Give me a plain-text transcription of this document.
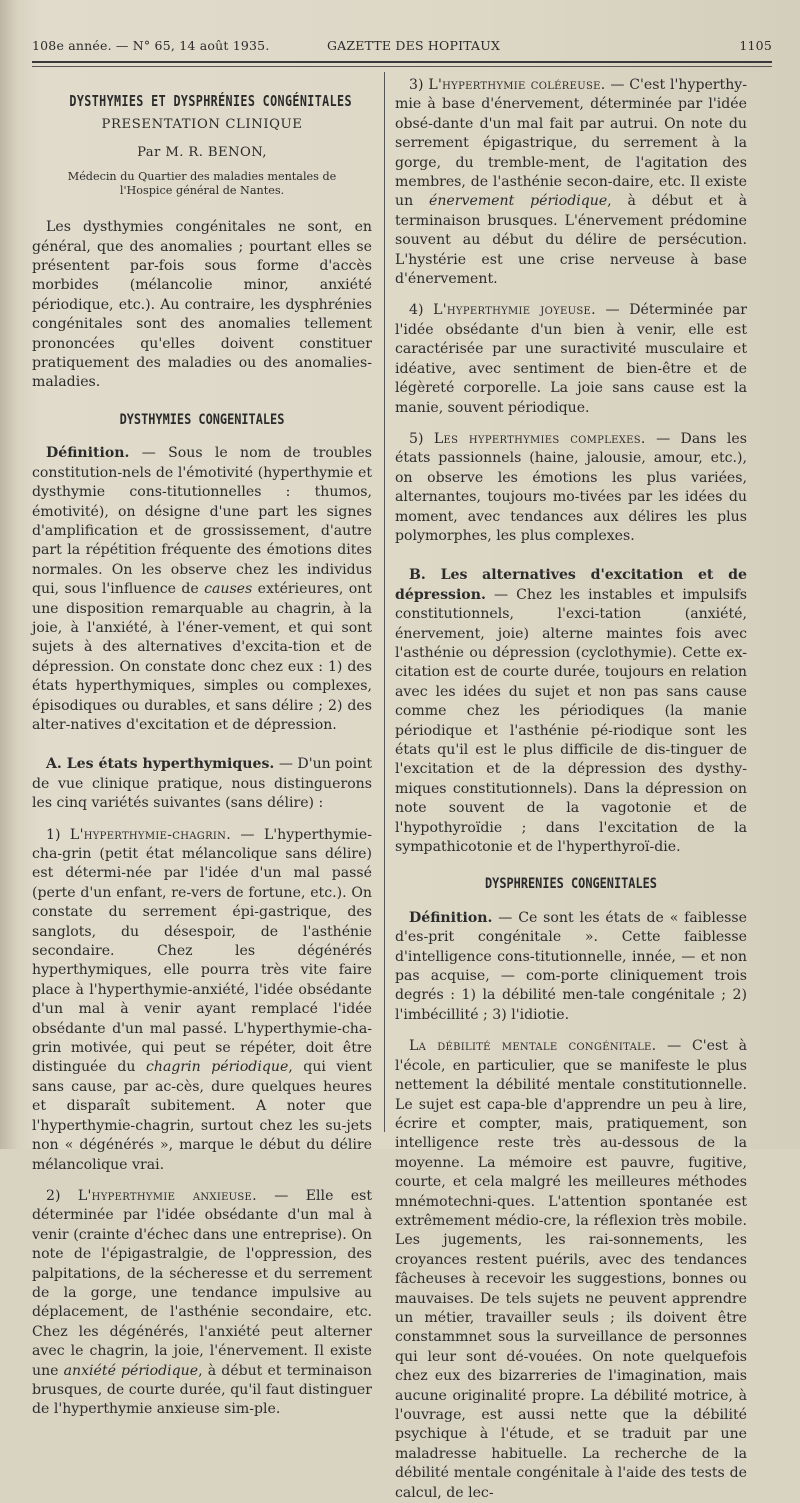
108e année. — N° 65, 14 août 1935.	GAZETTE DES HOPITAUX	1105
DYSTHYMIES ET DYSPHRÉNIES CONGÉNITALES
PRESENTATION CLINIQUE
Par M. R. BENON,
Médecin du Quartier des maladies mentales de l'Hospice général de Nantes.

Les dysthymies congénitales ne sont, en général, que des anomalies ; pourtant elles se présentent par-fois sous forme d'accès morbides (mélancolie minor, anxiété périodique, etc.). Au contraire, les dysphrénies congénitales sont des anomalies tellement prononcées qu'elles doivent constituer pratiquement des maladies ou des anomalies-maladies.

DYSTHYMIES CONGENITALES

Définition. — Sous le nom de troubles constitution-nels de l'émotivité (hyperthymie et dysthymie cons-titutionnelles : thumos, émotivité), on désigne d'une part les signes d'amplification et de grossissement, d'autre part la répétition fréquente des émotions dites normales. On les observe chez les individus qui, sous l'influence de causes extérieures, ont une disposition remarquable au chagrin, à la joie, à l'anxiété, à l'éner-vement, et qui sont sujets à des alternatives d'excita-tion et de dépression. On constate donc chez eux : 1) des états hyperthymiques, simples ou complexes, épisodiques ou durables, et sans délire ; 2) des alter-natives d'excitation et de dépression.

A. Les états hyperthymiques. — D'un point de vue clinique pratique, nous distinguerons les cinq variétés suivantes (sans délire) :

1) L'hyperthymie-chagrin. — L'hyperthymie-cha-grin (petit état mélancolique sans délire) est détermi-née par l'idée d'un mal passé (perte d'un enfant, re-vers de fortune, etc.). On constate du serrement épi-gastrique, des sanglots, du désespoir, de l'asthénie secondaire. Chez les dégénérés hyperthymiques, elle pourra très vite faire place à l'hyperthymie-anxiété, l'idée obsédante d'un mal à venir ayant remplacé l'idée obsédante d'un mal passé. L'hyperthymie-cha-grin motivée, qui peut se répéter, doit être distinguée du chagrin périodique, qui vient sans cause, par ac-cès, dure quelques heures et disparaît subitement. A noter que l'hyperthymie-chagrin, surtout chez les su-jets non « dégénérés », marque le début du délire mélancolique vrai.

2) L'hyperthymie anxieuse. — Elle est déterminée par l'idée obsédante d'un mal à venir (crainte d'échec dans une entreprise). On note de l'épigastralgie, de l'oppression, des palpitations, de la sécheresse et du serrement de la gorge, une tendance impulsive au déplacement, de l'asthénie secondaire, etc. Chez les dégénérés, l'anxiété peut alterner avec le chagrin, la joie, l'énervement. Il existe une anxiété périodique, à début et terminaison brusques, de courte durée, qu'il faut distinguer de l'hyperthymie anxieuse sim-ple.

3) L'hyperthymie coléreuse. — C'est l'hyperthy-mie à base d'énervement, déterminée par l'idée obsé-dante d'un mal fait par autrui. On note du serrement épigastrique, du serrement à la gorge, du tremble-ment, de l'agitation des membres, de l'asthénie secon-daire, etc. Il existe un énervement périodique, à début et à terminaison brusques. L'énervement prédomine souvent au début du délire de persécution. L'hystérie est une crise nerveuse à base d'énervement.

4) L'hyperthymie joyeuse. — Déterminée par l'idée obsédante d'un bien à venir, elle est caractérisée par une suractivité musculaire et idéative, avec sentiment de bien-être et de légèreté corporelle. La joie sans cause est la manie, souvent périodique.

5) Les hyperthymies complexes. — Dans les états passionnels (haine, jalousie, amour, etc.), on observe les émotions les plus variées, alternantes, toujours mo-tivées par les idées du moment, avec tendances aux délires les plus polymorphes, les plus complexes.

B. Les alternatives d'excitation et de dépression. — Chez les instables et impulsifs constitutionnels, l'exci-tation (anxiété, énervement, joie) alterne maintes fois avec l'asthénie ou dépression (cyclothymie). Cette ex-citation est de courte durée, toujours en relation avec les idées du sujet et non pas sans cause comme chez les périodiques (la manie périodique et l'asthénie pé-riodique sont les états qu'il est le plus difficile de dis-tinguer de l'excitation et de la dépression des dysthy-miques constitutionnels). Dans la dépression on note souvent de la vagotonie et de l'hypothyroïdie ; dans l'excitation de la sympathicotonie et de l'hyperthyroï-die.

DYSPHRENIES CONGENITALES

Définition. — Ce sont les états de « faiblesse d'es-prit congénitale ». Cette faiblesse d'intelligence cons-titutionnelle, innée, — et non pas acquise, — com-porte cliniquement trois degrés : 1) la débilité men-tale congénitale ; 2) l'imbécillité ; 3) l'idiotie.

La débilité mentale congénitale. — C'est à l'école, en particulier, que se manifeste le plus nettement la débilité mentale constitutionnelle. Le sujet est capa-ble d'apprendre un peu à lire, écrire et compter, mais, pratiquement, son intelligence reste très au-dessous de la moyenne. La mémoire est pauvre, fugitive, courte, et cela malgré les meilleures méthodes mnémotechni-ques. L'attention spontanée est extrêmement médio-cre, la réflexion très mobile. Les jugements, les rai-sonnements, les croyances restent puérils, avec des tendances fâcheuses à recevoir les suggestions, bonnes ou mauvaises. De tels sujets ne peuvent apprendre un métier, travailler seuls ; ils doivent être constammnet sous la surveillance de personnes qui leur sont dé-vouées. On note quelquefois chez eux des bizarreries de l'imagination, mais aucune originalité propre. La débilité motrice, à l'ouvrage, est aussi nette que la débilité psychique à l'étude, et se traduit par une maladresse habituelle. La recherche de la débilité mentale congénitale à l'aide des tests de calcul, de lec-
